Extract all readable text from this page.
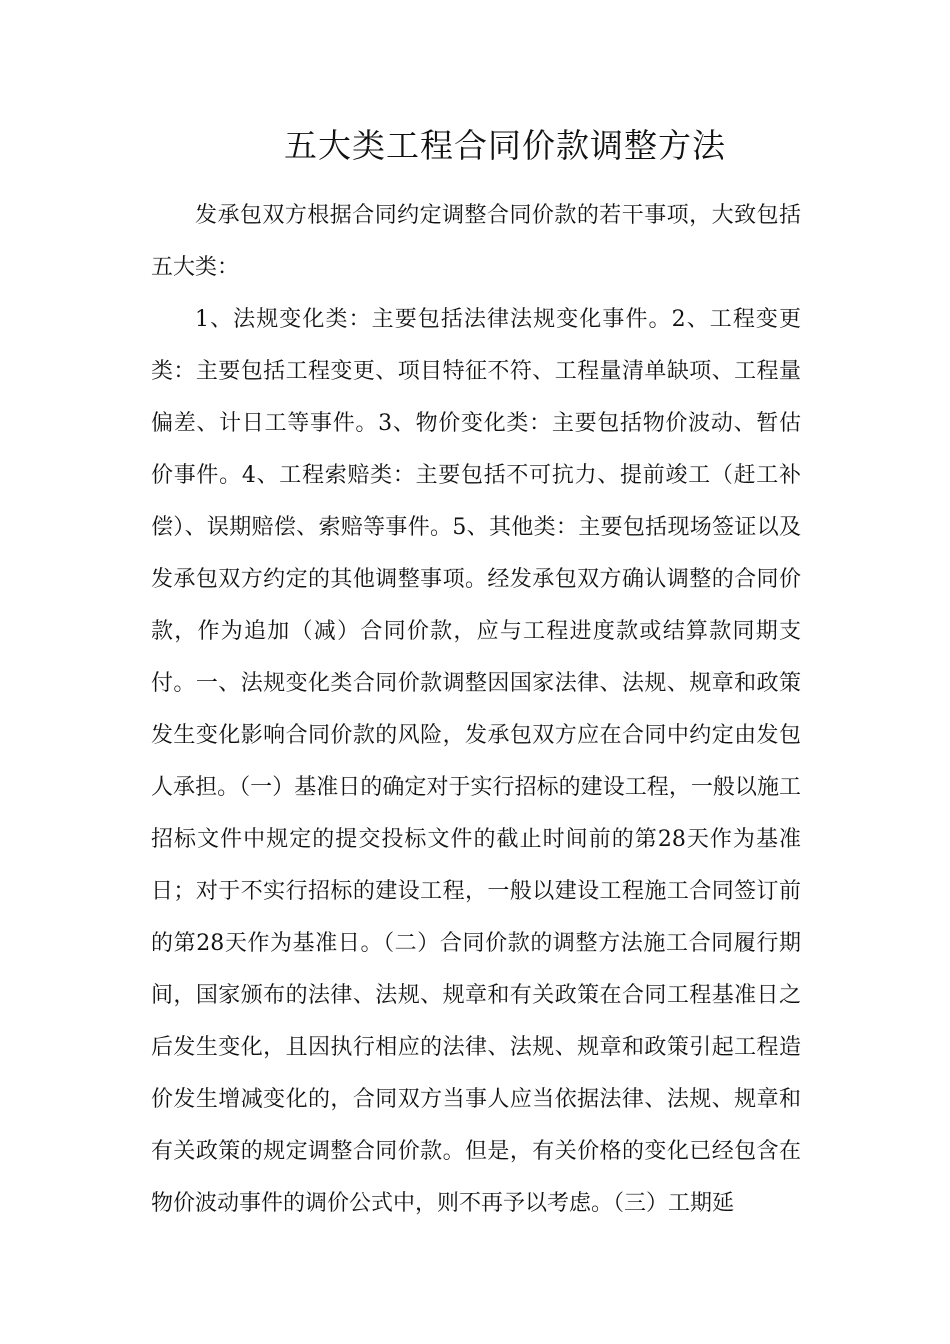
五大类工程合同价款调整方法

发承包双方根据合同约定调整合同价款的若干事项，大致包括五大类：

1、法规变化类：主要包括法律法规变化事件。2、工程变更类：主要包括工程变更、项目特征不符、工程量清单缺项、工程量偏差、计日工等事件。3、物价变化类：主要包括物价波动、暂估价事件。4、工程索赔类：主要包括不可抗力、提前竣工（赶工补偿）、误期赔偿、索赔等事件。5、其他类：主要包括现场签证以及发承包双方约定的其他调整事项。经发承包双方确认调整的合同价款，作为追加（减）合同价款，应与工程进度款或结算款同期支付。一、法规变化类合同价款调整因国家法律、法规、规章和政策发生变化影响合同价款的风险，发承包双方应在合同中约定由发包人承担。（一）基准日的确定对于实行招标的建设工程，一般以施工招标文件中规定的提交投标文件的截止时间前的第28天作为基准日；对于不实行招标的建设工程，一般以建设工程施工合同签订前的第28天作为基准日。（二）合同价款的调整方法施工合同履行期间，国家颁布的法律、法规、规章和有关政策在合同工程基准日之后发生变化，且因执行相应的法律、法规、规章和政策引起工程造价发生增减变化的，合同双方当事人应当依据法律、法规、规章和有关政策的规定调整合同价款。但是，有关价格的变化已经包含在物价波动事件的调价公式中，则不再予以考虑。（三）工期延
